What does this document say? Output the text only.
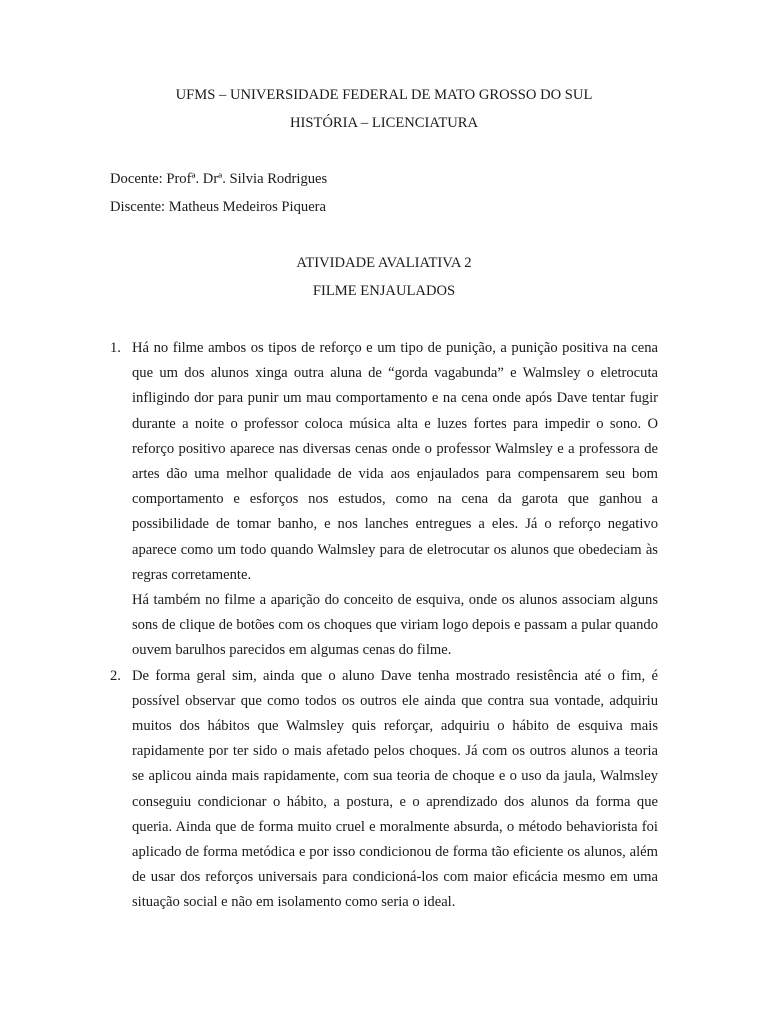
UFMS – UNIVERSIDADE FEDERAL DE MATO GROSSO DO SUL
HISTÓRIA – LICENCIATURA
Docente: Profª. Drª. Silvia Rodrigues
Discente: Matheus Medeiros Piquera
ATIVIDADE AVALIATIVA 2
FILME ENJAULADOS
1. Há no filme ambos os tipos de reforço e um tipo de punição, a punição positiva na cena que um dos alunos xinga outra aluna de “gorda vagabunda” e Walmsley o eletrocuta infligindo dor para punir um mau comportamento e na cena onde após Dave tentar fugir durante a noite o professor coloca música alta e luzes fortes para impedir o sono. O reforço positivo aparece nas diversas cenas onde o professor Walmsley e a professora de artes dão uma melhor qualidade de vida aos enjaulados para compensarem seu bom comportamento e esforços nos estudos, como na cena da garota que ganhou a possibilidade de tomar banho, e nos lanches entregues a eles. Já o reforço negativo aparece como um todo quando Walmsley para de eletrocutar os alunos que obedeciam às regras corretamente.

Há também no filme a aparição do conceito de esquiva, onde os alunos associam alguns sons de clique de botões com os choques que viriam logo depois e passam a pular quando ouvem barulhos parecidos em algumas cenas do filme.

2. De forma geral sim, ainda que o aluno Dave tenha mostrado resistência até o fim, é possível observar que como todos os outros ele ainda que contra sua vontade, adquiriu muitos dos hábitos que Walmsley quis reforçar, adquiriu o hábito de esquiva mais rapidamente por ter sido o mais afetado pelos choques. Já com os outros alunos a teoria se aplicou ainda mais rapidamente, com sua teoria de choque e o uso da jaula, Walmsley conseguiu condicionar o hábito, a postura, e o aprendizado dos alunos da forma que queria. Ainda que de forma muito cruel e moralmente absurda, o método behaviorista foi aplicado de forma metódica e por isso condicionou de forma tão eficiente os alunos, além de usar dos reforços universais para condicioná-los com maior eficácia mesmo em uma situação social e não em isolamento como seria o ideal.
